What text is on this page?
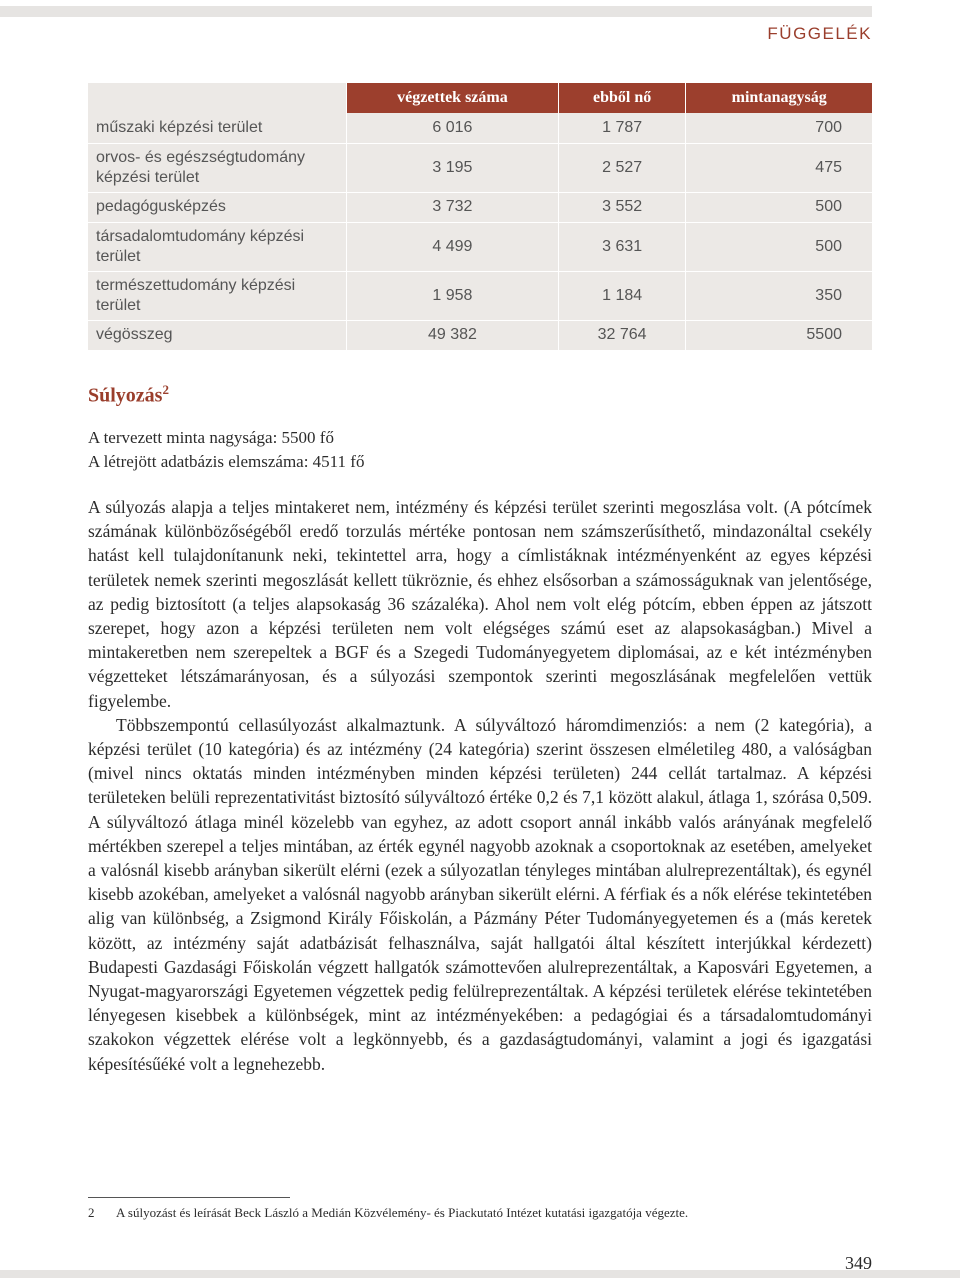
FÜGGELÉK
	végzettek száma	ebből nő	mintanagyság
műszaki képzési terület	6 016	1 787	700
orvos- és egészségtudomány képzési terület	3 195	2 527	475
pedagógusképzés	3 732	3 552	500
társadalomtudomány képzési terület	4 499	3 631	500
természettudomány képzési terület	1 958	1 184	350
végösszeg	49 382	32 764	5500
Súlyozás$^2$
A tervezett minta nagysága: 5500 fő
A létrejött adatbázis elemszáma: 4511 fő

A súlyozás alapja a teljes mintakeret nem, intézmény és képzési terület szerinti megoszlása volt. (A pótcímek számának különbözőségéből eredő torzulás mértéke pontosan nem számszerűsíthető, mindazonáltal csekély hatást kell tulajdonítanunk neki, tekintettel arra, hogy a címlistáknak intézményenként az egyes képzési területek nemek szerinti megoszlását kellett tükröznie, és ehhez elsősorban a számosságuknak van jelentősége, az pedig biztosított (a teljes alapsokaság 36 százaléka). Ahol nem volt elég pótcím, ebben éppen az játszott szerepet, hogy azon a képzési területen nem volt elégséges számú eset az alapsokaságban.) Mivel a mintakeretben nem szerepeltek a BGF és a Szegedi Tudományegyetem diplomásai, az e két intézményben végzetteket létszámarányosan, és a súlyozási szempontok szerinti megoszlásának megfelelően vettük figyelembe.

Többszempontú cellasúlyozást alkalmaztunk. A súlyváltozó háromdimenziós: a nem (2 kategória), a képzési terület (10 kategória) és az intézmény (24 kategória) szerint összesen elméletileg 480, a valóságban (mivel nincs oktatás minden intézményben minden képzési területen) 244 cellát tartalmaz. A képzési területeken belüli reprezentativitást biztosító súlyváltozó értéke 0,2 és 7,1 között alakul, átlaga 1, szórása 0,509. A súlyváltozó átlaga minél közelebb van egyhez, az adott csoport annál inkább valós arányának megfelelő mértékben szerepel a teljes mintában, az érték egynél nagyobb azoknak a csoportoknak az esetében, amelyeket a valósnál kisebb arányban sikerült elérni (ezek a súlyozatlan tényleges mintában alulreprezentáltak), és egynél kisebb azokéban, amelyeket a valósnál nagyobb arányban sikerült elérni. A férfiak és a nők elérése tekintetében alig van különbség, a Zsigmond Király Főiskolán, a Pázmány Péter Tudományegyetemen és a (más keretek között, az intézmény saját adatbázisát felhasználva, saját hallgatói által készített interjúkkal kérdezett) Budapesti Gazdasági Főiskolán végzett hallgatók számottevően alulreprezentáltak, a Kaposvári Egyetemen, a Nyugat-magyarországi Egyetemen végzettek pedig felülreprezentáltak. A képzési területek elérése tekintetében lényegesen kisebbek a különbségek, mint az intézményekében: a pedagógiai és a társadalomtudományi szakokon végzettek elérése volt a legkönnyebb, és a gazdaságtudományi, valamint a jogi és igazgatási képesítésűéké volt a legnehezebb.

2 A súlyozást és leírását Beck László a Medián Közvélemény- és Piackutató Intézet kutatási igazgatója végezte.
349
